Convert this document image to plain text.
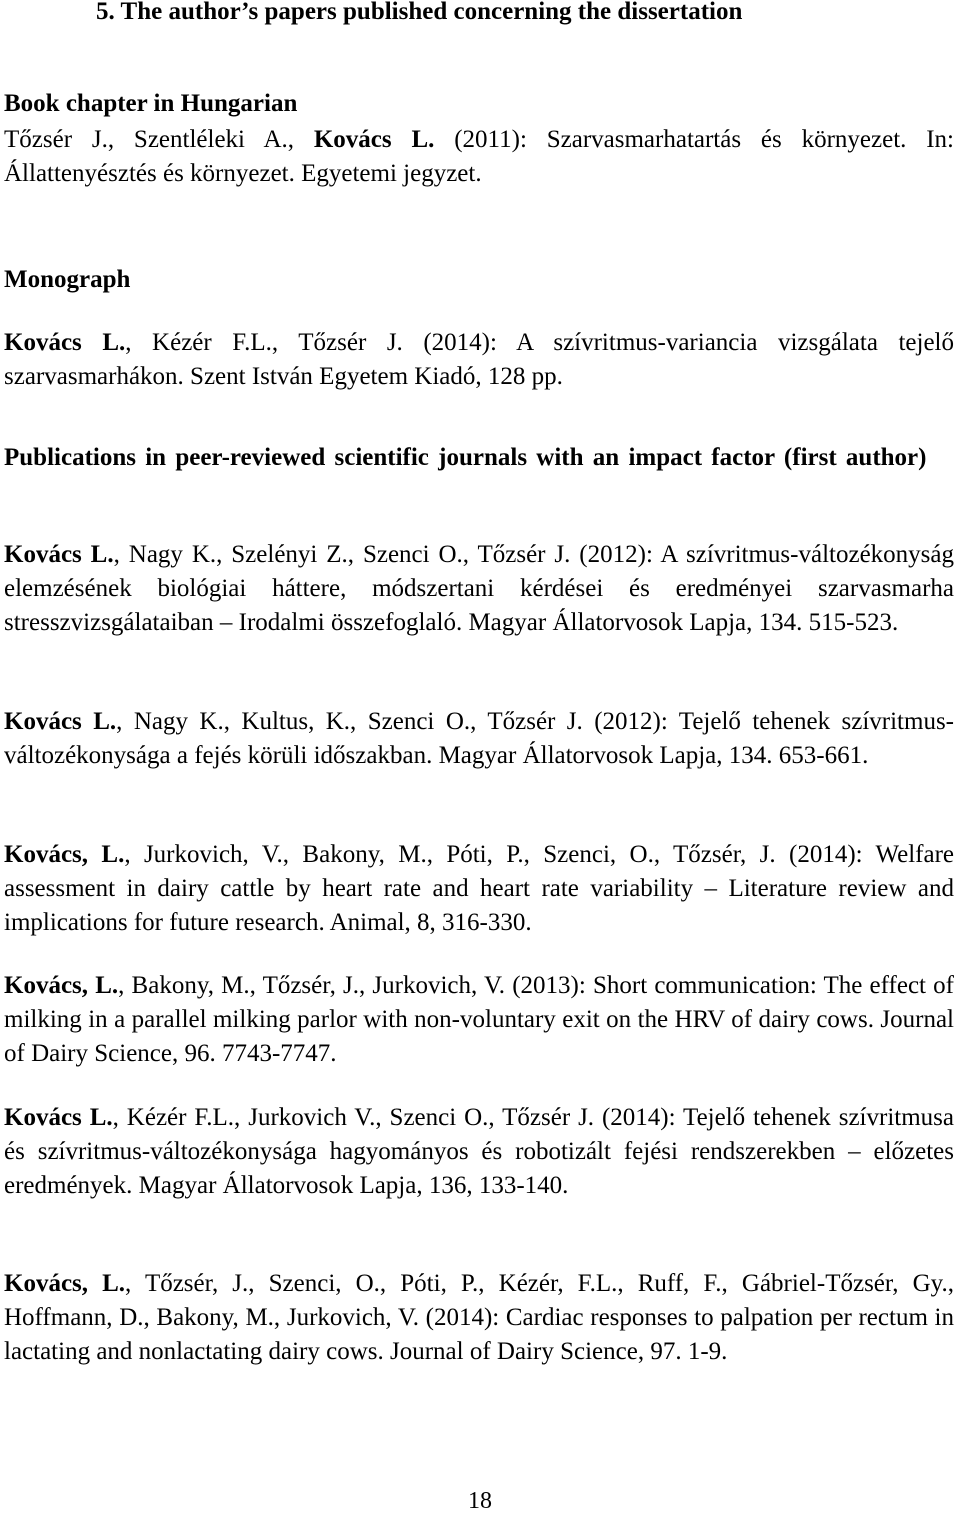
5. The author’s papers published concerning the dissertation
Book chapter in Hungarian

Tőzsér J., Szentléleki A., Kovács L. (2011): Szarvasmarhatartás és környezet. In: Állattenyésztés és környezet. Egyetemi jegyzet.

Monograph

Kovács L., Kézér F.L., Tőzsér J. (2014): A szívritmus-variancia vizsgálata tejelő szarvasmarhákon. Szent István Egyetem Kiadó, 128 pp.

Publications in peer-reviewed scientific journals with an impact factor (first author)

Kovács L., Nagy K., Szelényi Z., Szenci O., Tőzsér J. (2012): A szívritmus-változékonyság elemzésének biológiai háttere, módszertani kérdései és eredményei szarvasmarha stresszvizsgálataiban – Irodalmi összefoglaló. Magyar Állatorvosok Lapja, 134. 515-523.

Kovács L., Nagy K., Kultus, K., Szenci O., Tőzsér J. (2012): Tejelő tehenek szívritmus-változékonysága a fejés körüli időszakban. Magyar Állatorvosok Lapja, 134. 653-661.

Kovács, L., Jurkovich, V., Bakony, M., Póti, P., Szenci, O., Tőzsér, J. (2014): Welfare assessment in dairy cattle by heart rate and heart rate variability – Literature review and implications for future research. Animal, 8, 316-330.

Kovács, L., Bakony, M., Tőzsér, J., Jurkovich, V. (2013): Short communication: The effect of milking in a parallel milking parlor with non-voluntary exit on the HRV of dairy cows. Journal of Dairy Science, 96. 7743-7747.

Kovács L., Kézér F.L., Jurkovich V., Szenci O., Tőzsér J. (2014): Tejelő tehenek szívritmusa és szívritmus-változékonysága hagyományos és robotizált fejési rendszerekben – előzetes eredmények. Magyar Állatorvosok Lapja, 136, 133-140.

Kovács, L., Tőzsér, J., Szenci, O., Póti, P., Kézér, F.L., Ruff, F., Gábriel-Tőzsér, Gy., Hoffmann, D., Bakony, M., Jurkovich, V. (2014): Cardiac responses to palpation per rectum in lactating and nonlactating dairy cows. Journal of Dairy Science, 97. 1-9.

18
